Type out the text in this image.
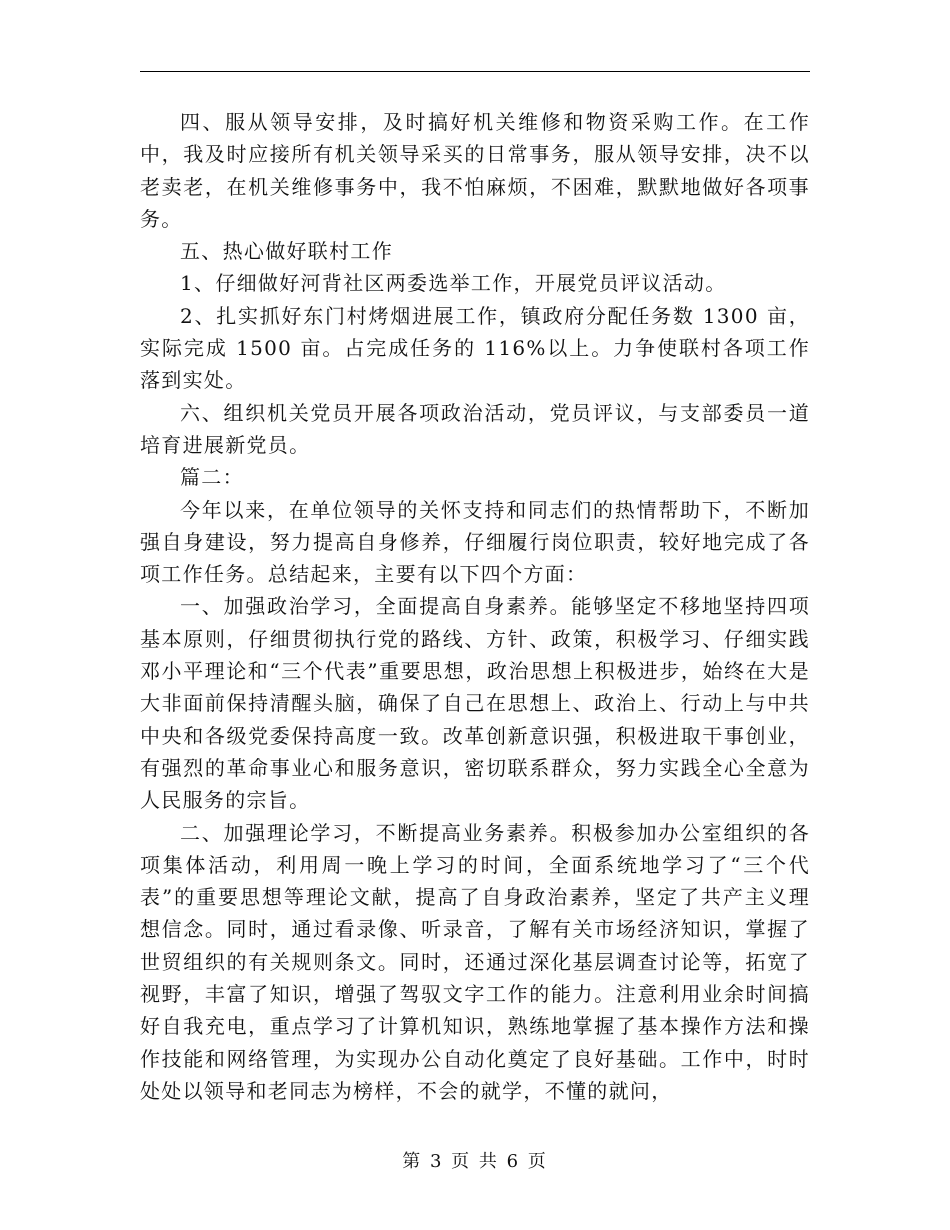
四、服从领导安排，及时搞好机关维修和物资采购工作。在工作中，我及时应接所有机关领导采买的日常事务，服从领导安排，决不以老卖老，在机关维修事务中，我不怕麻烦，不困难，默默地做好各项事务。

五、热心做好联村工作

1、仔细做好河背社区两委选举工作，开展党员评议活动。

2、扎实抓好东门村烤烟进展工作，镇政府分配任务数 1300 亩，实际完成 1500 亩。占完成任务的 116%以上。力争使联村各项工作落到实处。

六、组织机关党员开展各项政治活动，党员评议，与支部委员一道培育进展新党员。

篇二：

今年以来，在单位领导的关怀支持和同志们的热情帮助下，不断加强自身建设，努力提高自身修养，仔细履行岗位职责，较好地完成了各项工作任务。总结起来，主要有以下四个方面：

一、加强政治学习，全面提高自身素养。能够坚定不移地坚持四项基本原则，仔细贯彻执行党的路线、方针、政策，积极学习、仔细实践邓小平理论和“三个代表”重要思想，政治思想上积极进步，始终在大是大非面前保持清醒头脑，确保了自己在思想上、政治上、行动上与中共中央和各级党委保持高度一致。改革创新意识强，积极进取干事创业，有强烈的革命事业心和服务意识，密切联系群众，努力实践全心全意为人民服务的宗旨。

二、加强理论学习，不断提高业务素养。积极参加办公室组织的各项集体活动，利用周一晚上学习的时间，全面系统地学习了“三个代表”的重要思想等理论文献，提高了自身政治素养，坚定了共产主义理想信念。同时，通过看录像、听录音，了解有关市场经济知识，掌握了世贸组织的有关规则条文。同时，还通过深化基层调查讨论等，拓宽了视野，丰富了知识，增强了驾驭文字工作的能力。注意利用业余时间搞好自我充电，重点学习了计算机知识，熟练地掌握了基本操作方法和操作技能和网络管理，为实现办公自动化奠定了良好基础。工作中，时时处处以领导和老同志为榜样，不会的就学，不懂的就问，

第 3 页 共 6 页
